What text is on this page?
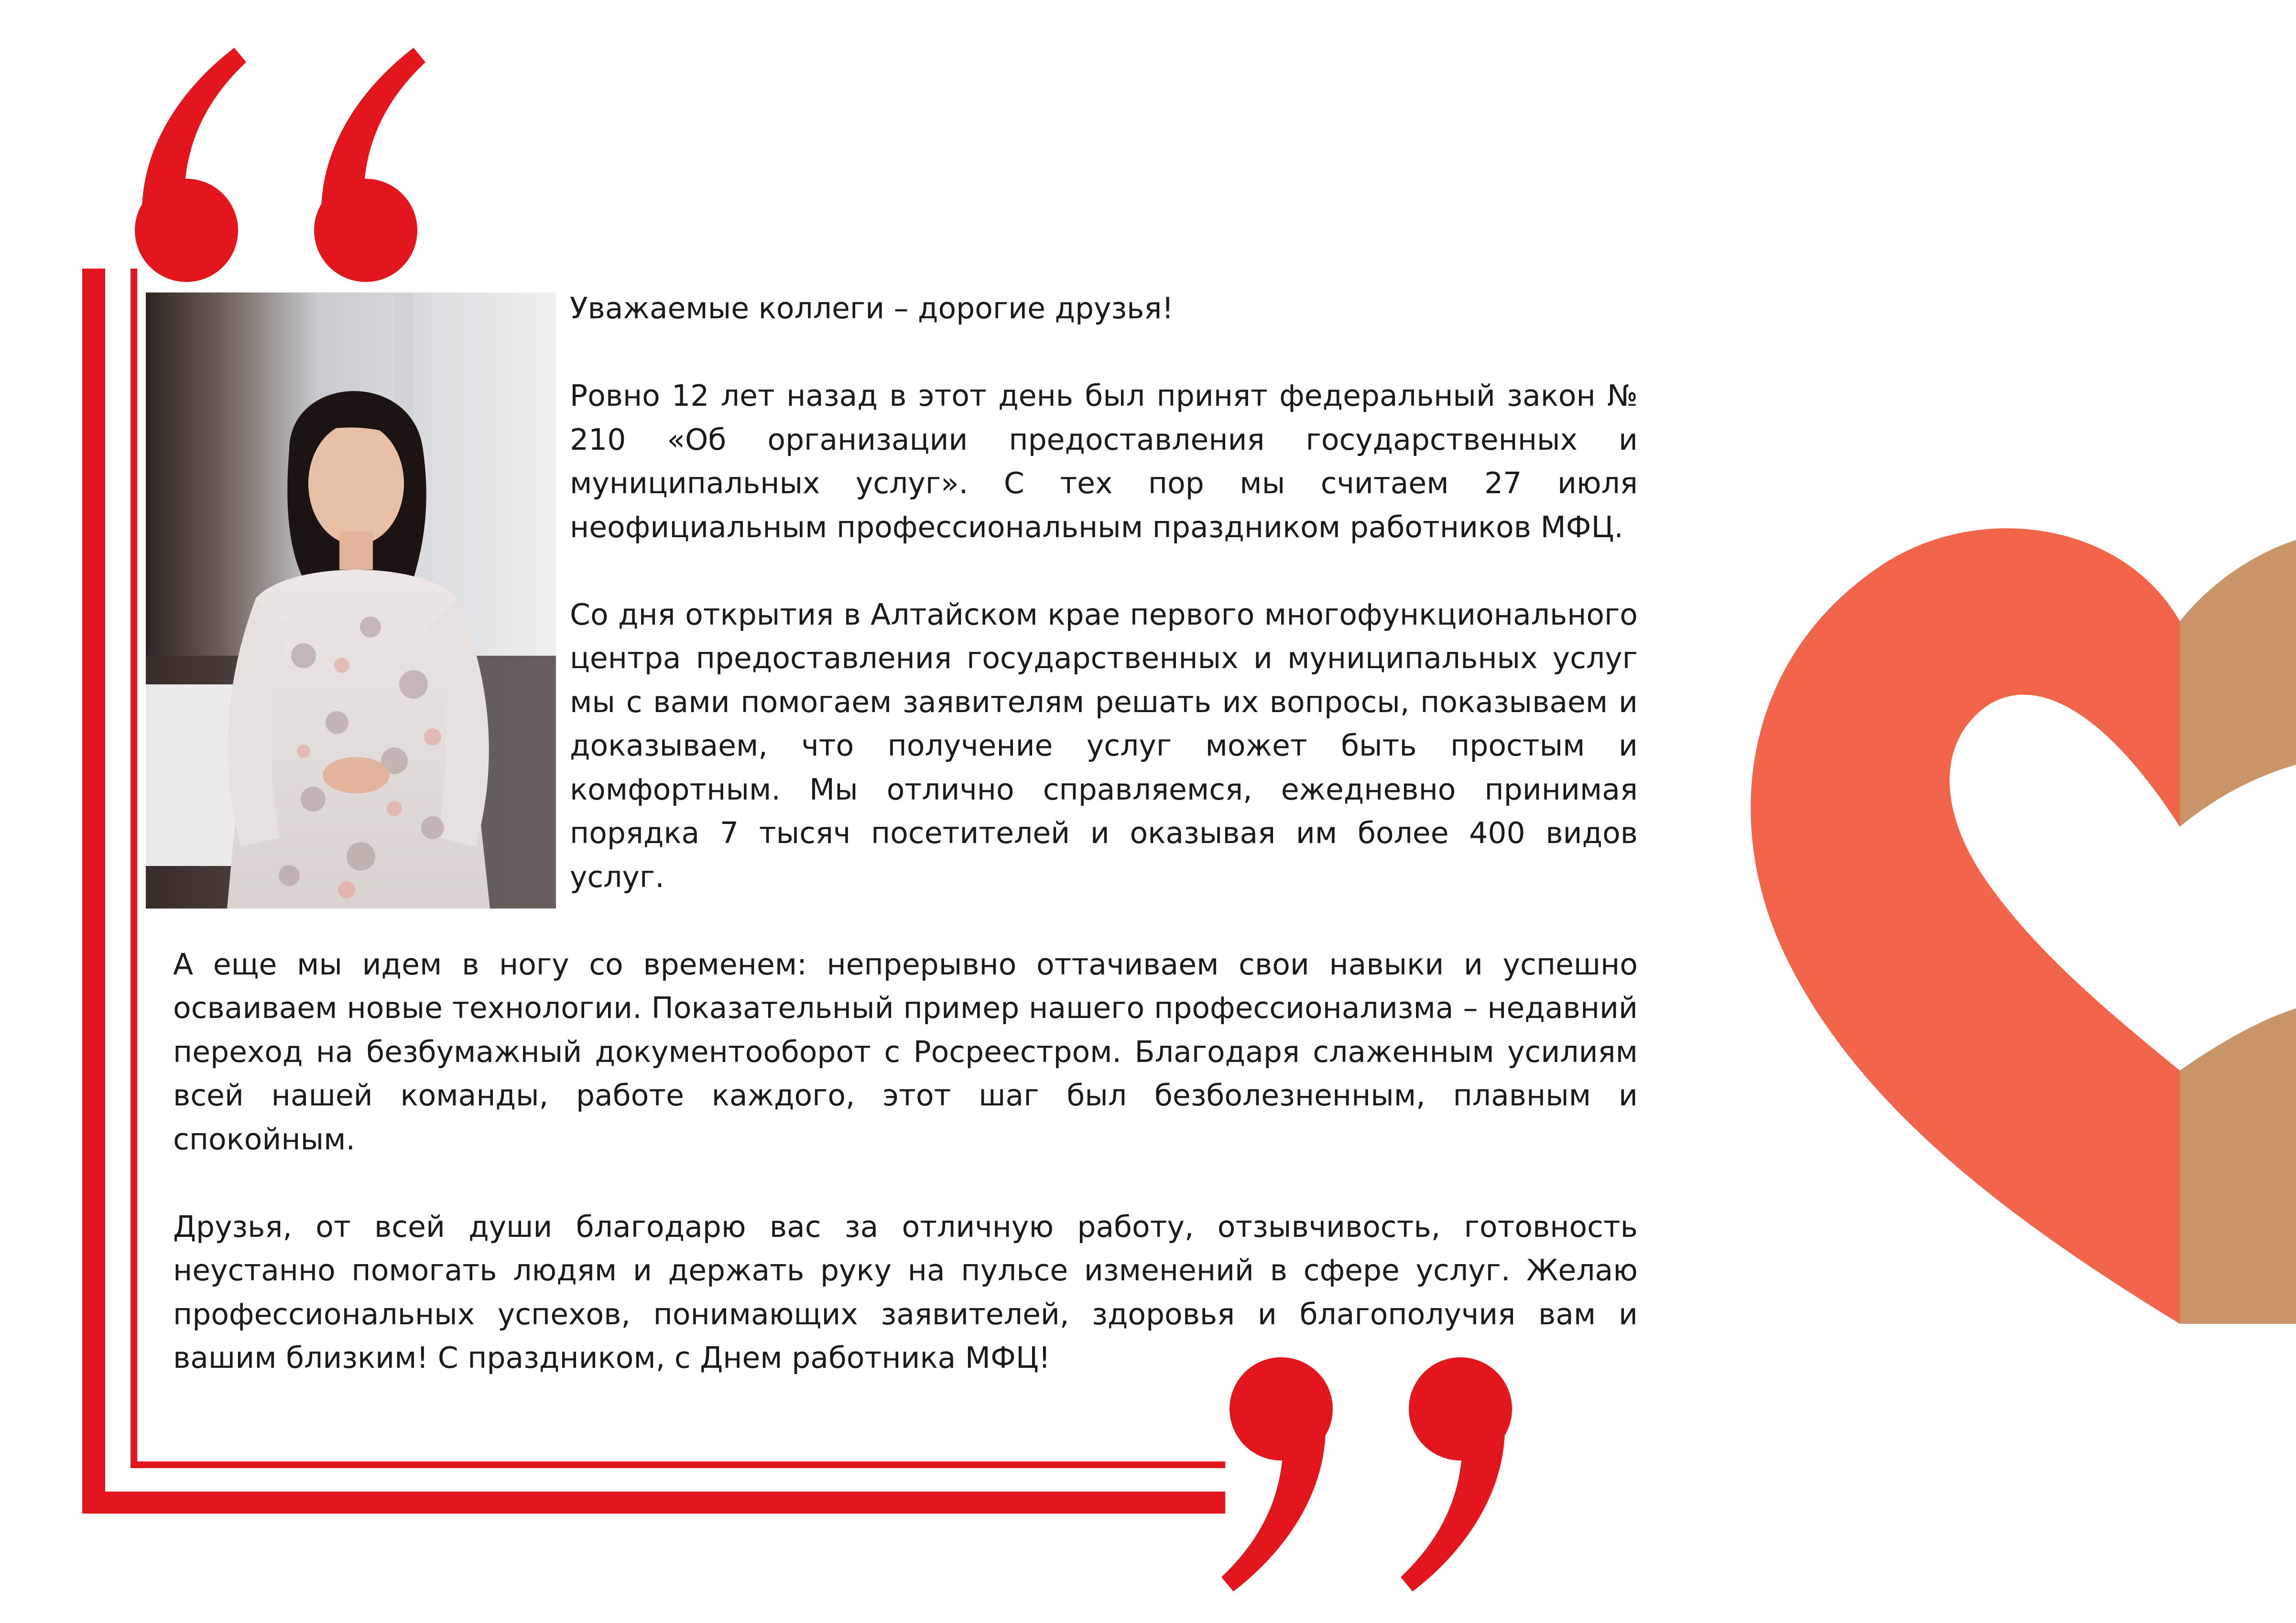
Уважаемые коллеги – дорогие друзья!

Ровно 12 лет назад в этот день был принят федеральный закон № 210 «Об организации предоставления государственных и муниципальных услуг». С тех пор мы считаем 27 июля неофициальным профессиональным праздником работников МФЦ.

Со дня открытия в Алтайском крае первого многофункционального центра предоставления государственных и муниципальных услуг мы с вами помогаем заявителям решать их вопросы, показываем и доказываем, что получение услуг может быть простым и комфортным. Мы отлично справляемся, ежедневно принимая порядка 7 тысяч посетителей и оказывая им более 400 видов услуг.

А еще мы идем в ногу со временем: непрерывно оттачиваем свои навыки и успешно осваиваем новые технологии. Показательный пример нашего профессионализма – недавний переход на безбумажный документооборот с Росреестром. Благодаря слаженным усилиям всей нашей команды, работе каждого, этот шаг был безболезненным, плавным и спокойным.

Друзья, от всей души благодарю вас за отличную работу, отзывчивость, готовность неустанно помогать людям и держать руку на пульсе изменений в сфере услуг. Желаю профессиональных успехов, понимающих заявителей, здоровья и благополучия вам и вашим близким! С праздником, с Днем работника МФЦ!
